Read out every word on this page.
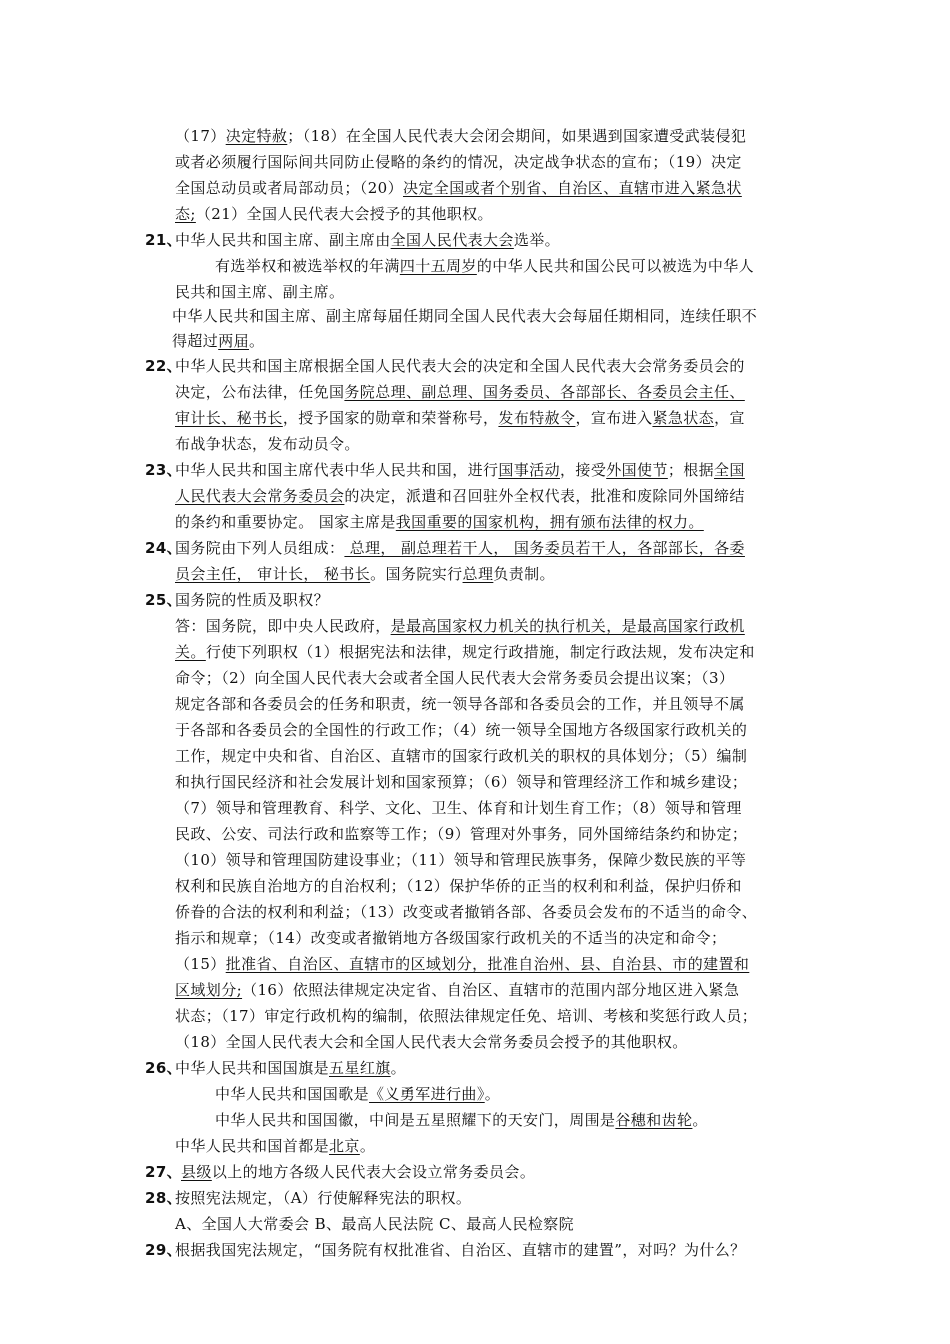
（17）决定特赦；（18）在全国人民代表大会闭会期间，如果遇到国家遭受武装侵犯
或者必须履行国际间共同防止侵略的条约的情况，决定战争状态的宣布；（19）决定
全国总动员或者局部动员；（20）决定全国或者个别省、自治区、直辖市进入紧急状
态;（21）全国人民代表大会授予的其他职权。
21、
中华人民共和国主席、副主席由全国人民代表大会选举。
有选举权和被选举权的年满四十五周岁的中华人民共和国公民可以被选为中华人
民共和国主席、副主席。
中华人民共和国主席、副主席每届任期同全国人民代表大会每届任期相同，连续任职不
得超过两届。
22、
中华人民共和国主席根据全国人民代表大会的决定和全国人民代表大会常务委员会的
决定，公布法律，任免国务院总理、副总理、国务委员、各部部长、各委员会主任、
审计长、秘书长，授予国家的勋章和荣誉称号，发布特赦令，宣布进入紧急状态，宣
布战争状态，发布动员令。
23、
中华人民共和国主席代表中华人民共和国，进行国事活动，接受外国使节；根据全国
人民代表大会常务委员会的决定，派遣和召回驻外全权代表，批准和废除同外国缔结
的条约和重要协定。 国家主席是我国重要的国家机构，拥有颁布法律的权力。
24、
国务院由下列人员组成： 总理， 副总理若干人， 国务委员若干人，各部部长，各委
员会主任， 审计长， 秘书长。国务院实行总理负责制。
25、
国务院的性质及职权？
答：国务院，即中央人民政府，是最高国家权力机关的执行机关，是最高国家行政机
关。行使下列职权（1）根据宪法和法律，规定行政措施，制定行政法规，发布决定和
命令；（2）向全国人民代表大会或者全国人民代表大会常务委员会提出议案；（3）
规定各部和各委员会的任务和职责，统一领导各部和各委员会的工作，并且领导不属
于各部和各委员会的全国性的行政工作；（4）统一领导全国地方各级国家行政机关的
工作，规定中央和省、自治区、直辖市的国家行政机关的职权的具体划分；（5）编制
和执行国民经济和社会发展计划和国家预算；（6）领导和管理经济工作和城乡建设；
（7）领导和管理教育、科学、文化、卫生、体育和计划生育工作；（8）领导和管理
民政、公安、司法行政和监察等工作；（9）管理对外事务，同外国缔结条约和协定；
（10）领导和管理国防建设事业；（11）领导和管理民族事务，保障少数民族的平等
权利和民族自治地方的自治权利；（12）保护华侨的正当的权利和利益，保护归侨和
侨眷的合法的权利和利益；（13）改变或者撤销各部、各委员会发布的不适当的命令、
指示和规章；（14）改变或者撤销地方各级国家行政机关的不适当的决定和命令；
（15）批准省、自治区、直辖市的区域划分，批准自治州、县、自治县、市的建置和
区域划分;（16）依照法律规定决定省、自治区、直辖市的范围内部分地区进入紧急
状态；（17）审定行政机构的编制，依照法律规定任免、培训、考核和奖惩行政人员；
（18）全国人民代表大会和全国人民代表大会常务委员会授予的其他职权。
26、
中华人民共和国国旗是五星红旗。
中华人民共和国国歌是《义勇军进行曲》。
中华人民共和国国徽，中间是五星照耀下的天安门，周围是谷穗和齿轮。
中华人民共和国首都是北京。
27、
县级以上的地方各级人民代表大会设立常务委员会。
28、
按照宪法规定，（A）行使解释宪法的职权。
A、全国人大常委会 B、最高人民法院 C、最高人民检察院
29、
根据我国宪法规定，“国务院有权批准省、自治区、直辖市的建置”，对吗？为什么？
